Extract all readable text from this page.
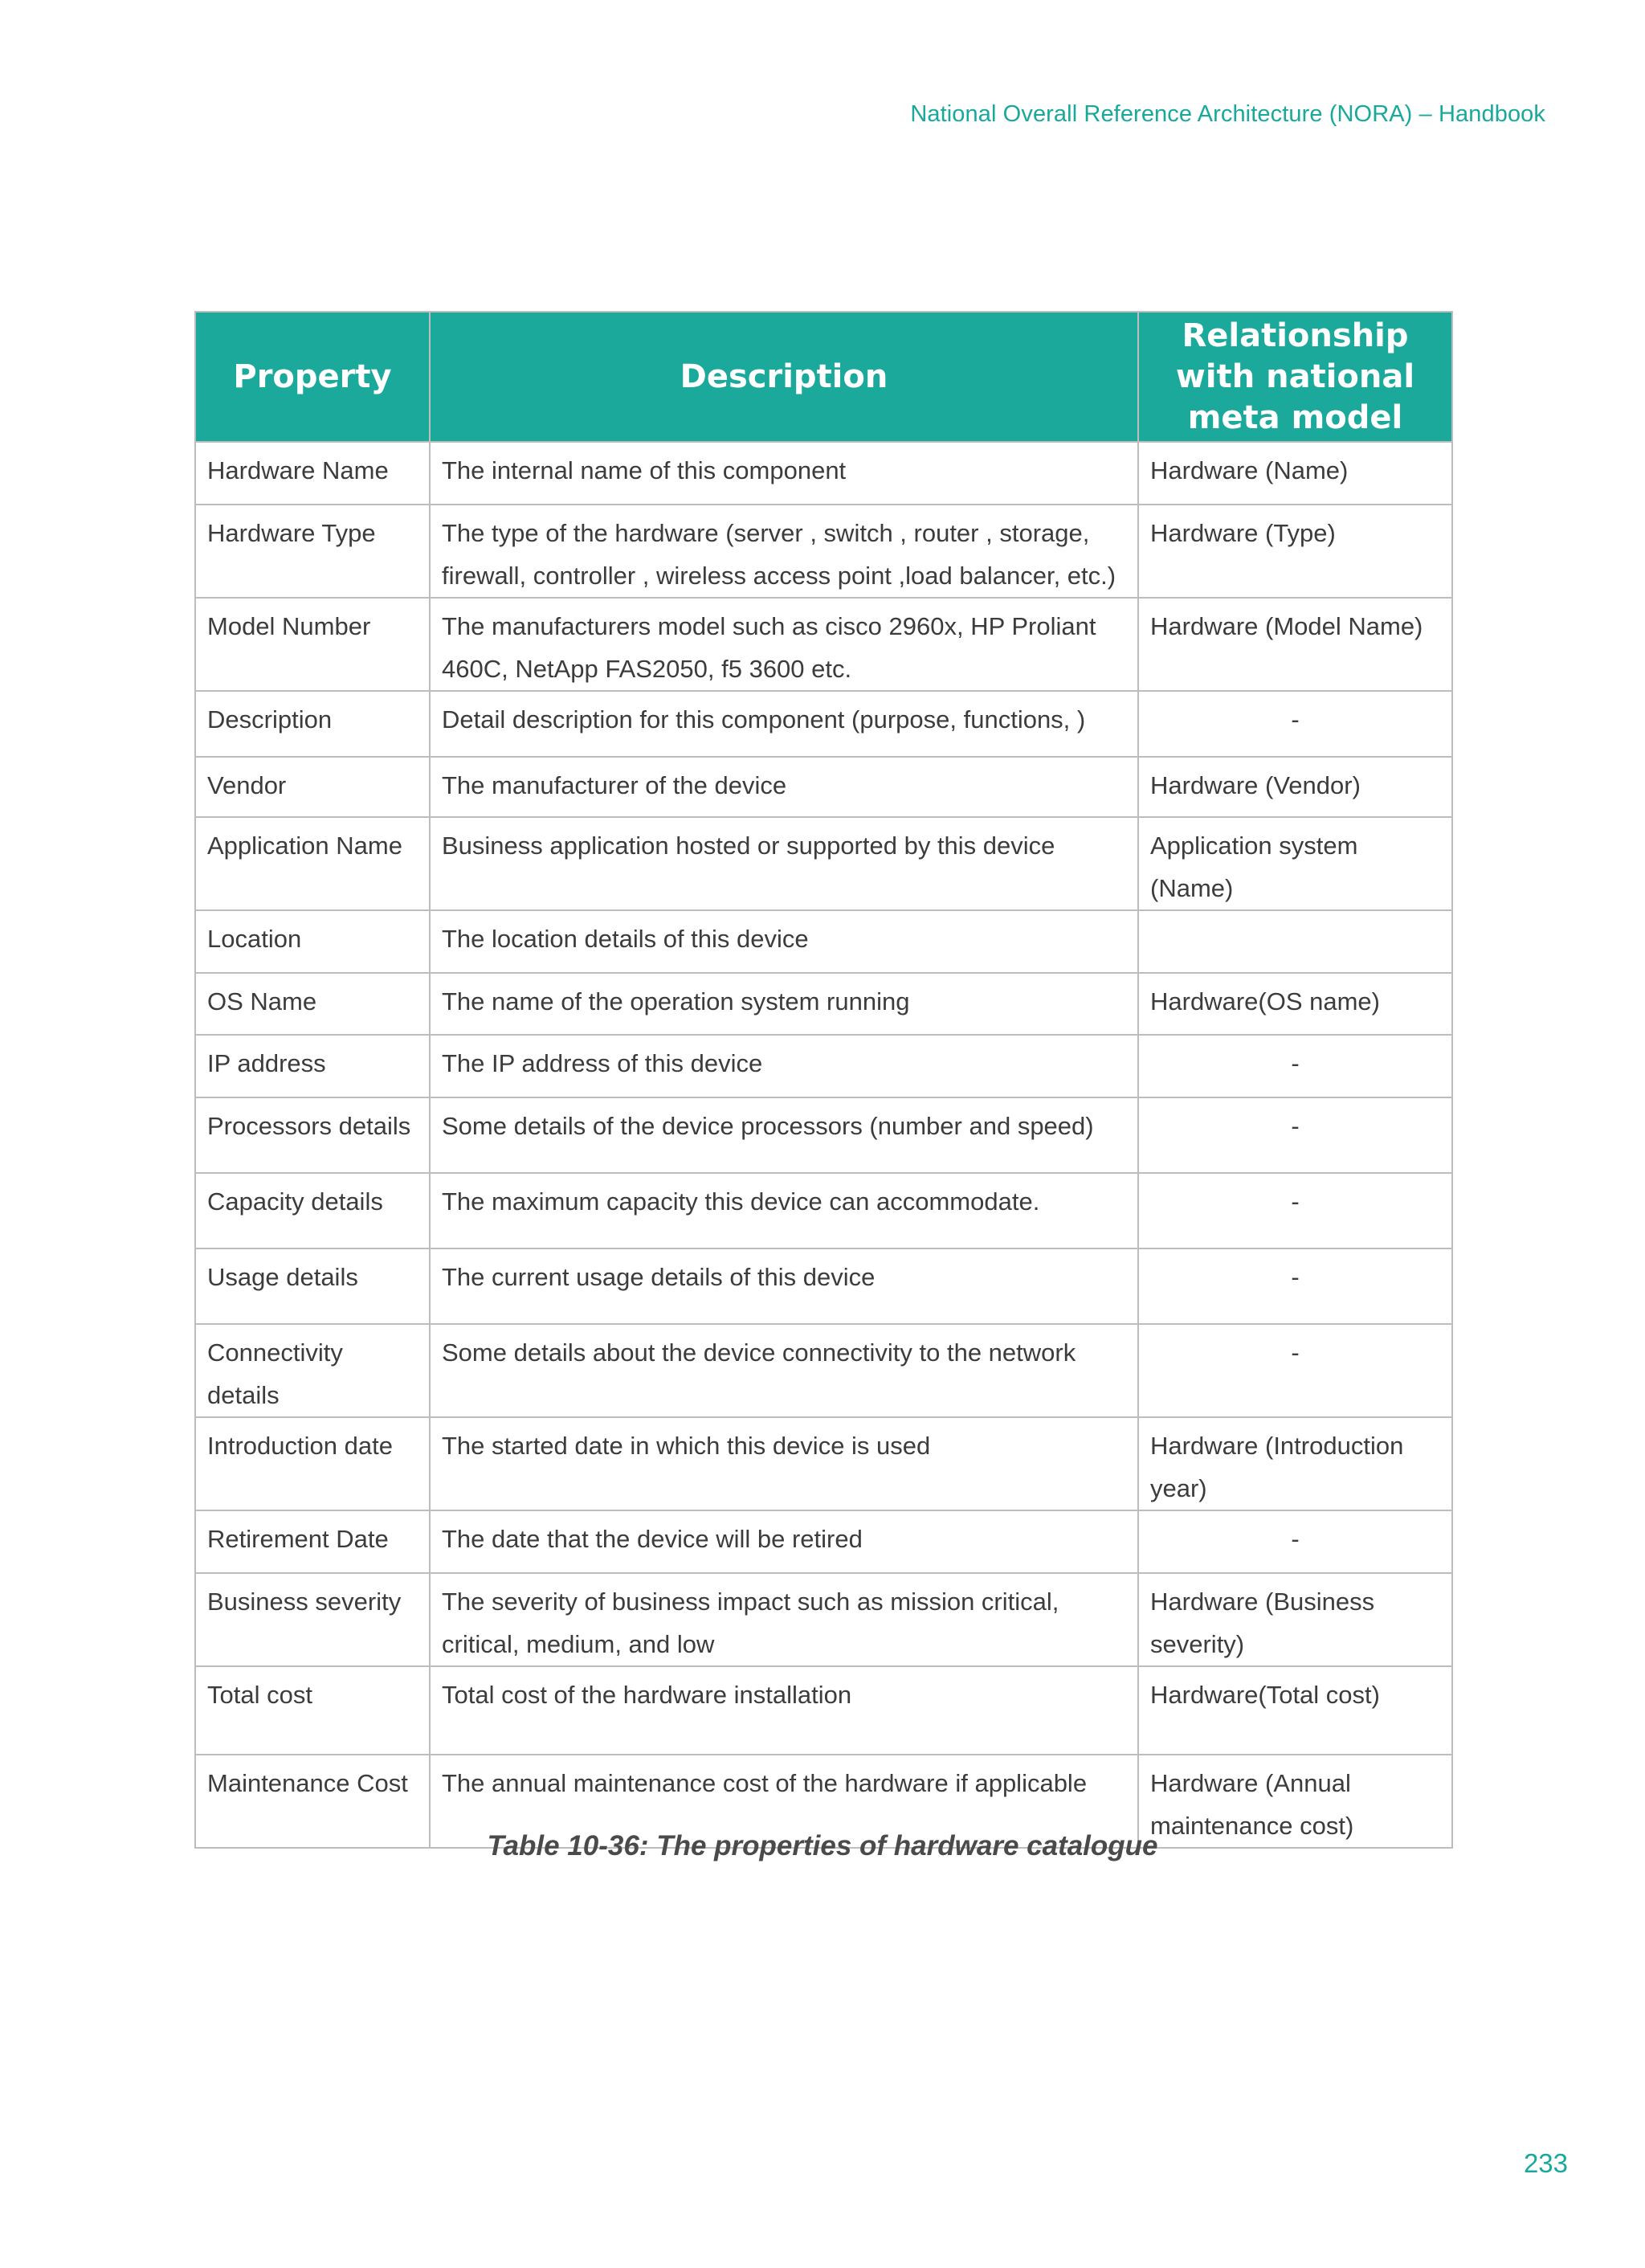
National Overall Reference Architecture (NORA) – Handbook
Property	Description	Relationship with national meta model
Hardware Name	The internal name of this component	Hardware (Name)
Hardware Type	The type of the hardware (server , switch , router , storage, firewall, controller , wireless access point ,load balancer, etc.)	Hardware (Type)
Model Number	The manufacturers model such as cisco 2960x, HP Proliant 460C, NetApp FAS2050, f5 3600 etc.	Hardware (Model Name)
Description	Detail description for this component (purpose, functions, )	-
Vendor	The manufacturer of the device	Hardware (Vendor)
Application Name	Business application hosted or supported by this device	Application system (Name)
Location	The location details of this device	
OS Name	The name of the operation system running	Hardware(OS name)
IP address	The IP address of this device	-
Processors details	Some details of the device processors (number and speed)	-
Capacity details	The maximum capacity this device can accommodate.	-
Usage details	The current usage details of this device	-
Connectivity details	Some details about the device connectivity to the network	-
Introduction date	The started date in which this device is used	Hardware (Introduction year)
Retirement Date	The date that the device will be retired	-
Business severity	The severity of business impact such as mission critical, critical, medium, and low	Hardware (Business severity)
Total cost	Total cost of the hardware installation	Hardware(Total cost)
Maintenance Cost	The annual maintenance cost of the hardware if applicable	Hardware (Annual maintenance cost)
Table 10-36: The properties of hardware catalogue
233
